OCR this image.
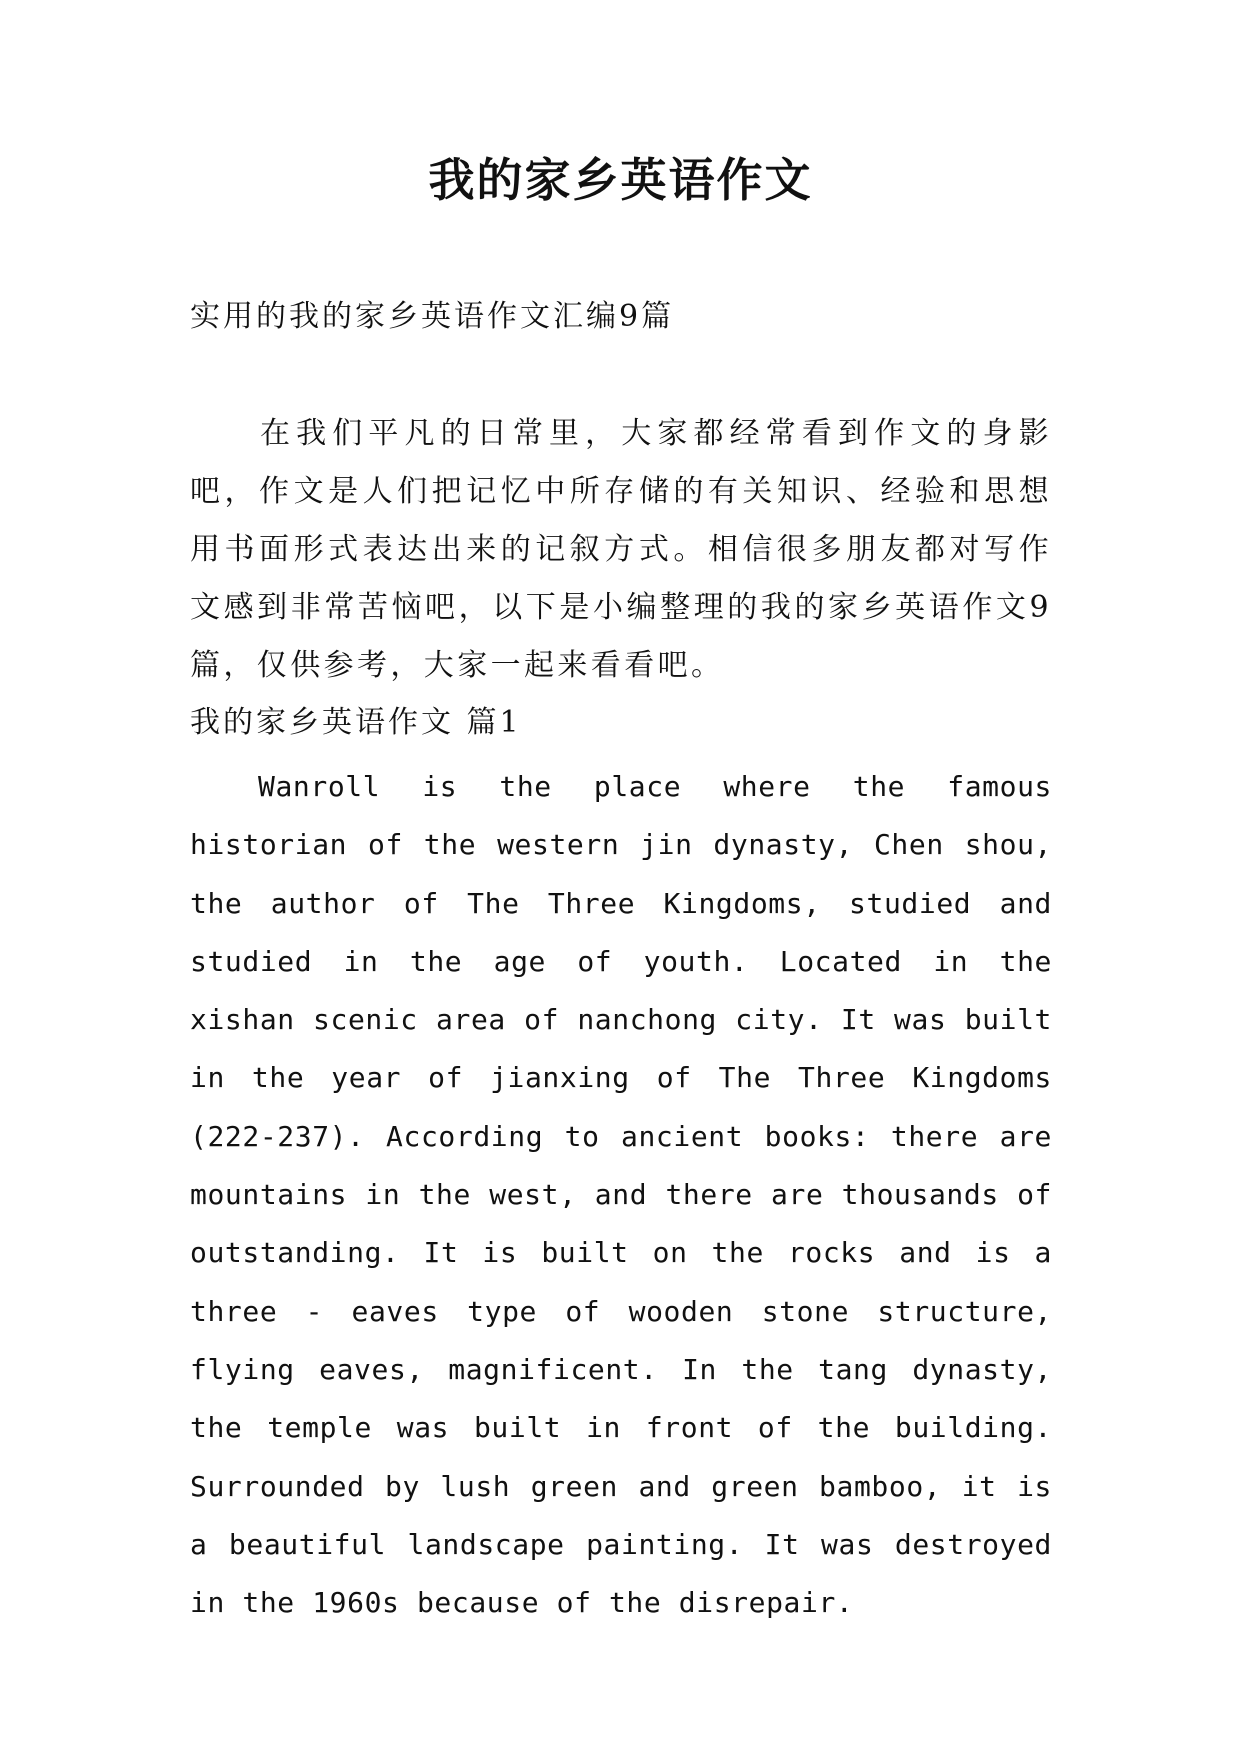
我的家乡英语作文

实用的我的家乡英语作文汇编9篇

在我们平凡的日常里，大家都经常看到作文的身影吧，作文是人们把记忆中所存储的有关知识、经验和思想用书面形式表达出来的记叙方式。相信很多朋友都对写作文感到非常苦恼吧，以下是小编整理的我的家乡英语作文9篇，仅供参考，大家一起来看看吧。

我的家乡英语作文 篇1

Wanroll is the place where the famous historian of the western jin dynasty, Chen shou, the author of The Three Kingdoms, studied and studied in the age of youth. Located in the xishan scenic area of nanchong city. It was built in the year of jianxing of The Three Kingdoms (222-237). According to ancient books: there are mountains in the west, and there are thousands of outstanding. It is built on the rocks and is a three - eaves type of wooden stone structure, flying eaves, magnificent. In the tang dynasty, the temple was built in front of the building. Surrounded by lush green and green bamboo, it is a beautiful landscape painting. It was destroyed in the 1960s because of the disrepair.
